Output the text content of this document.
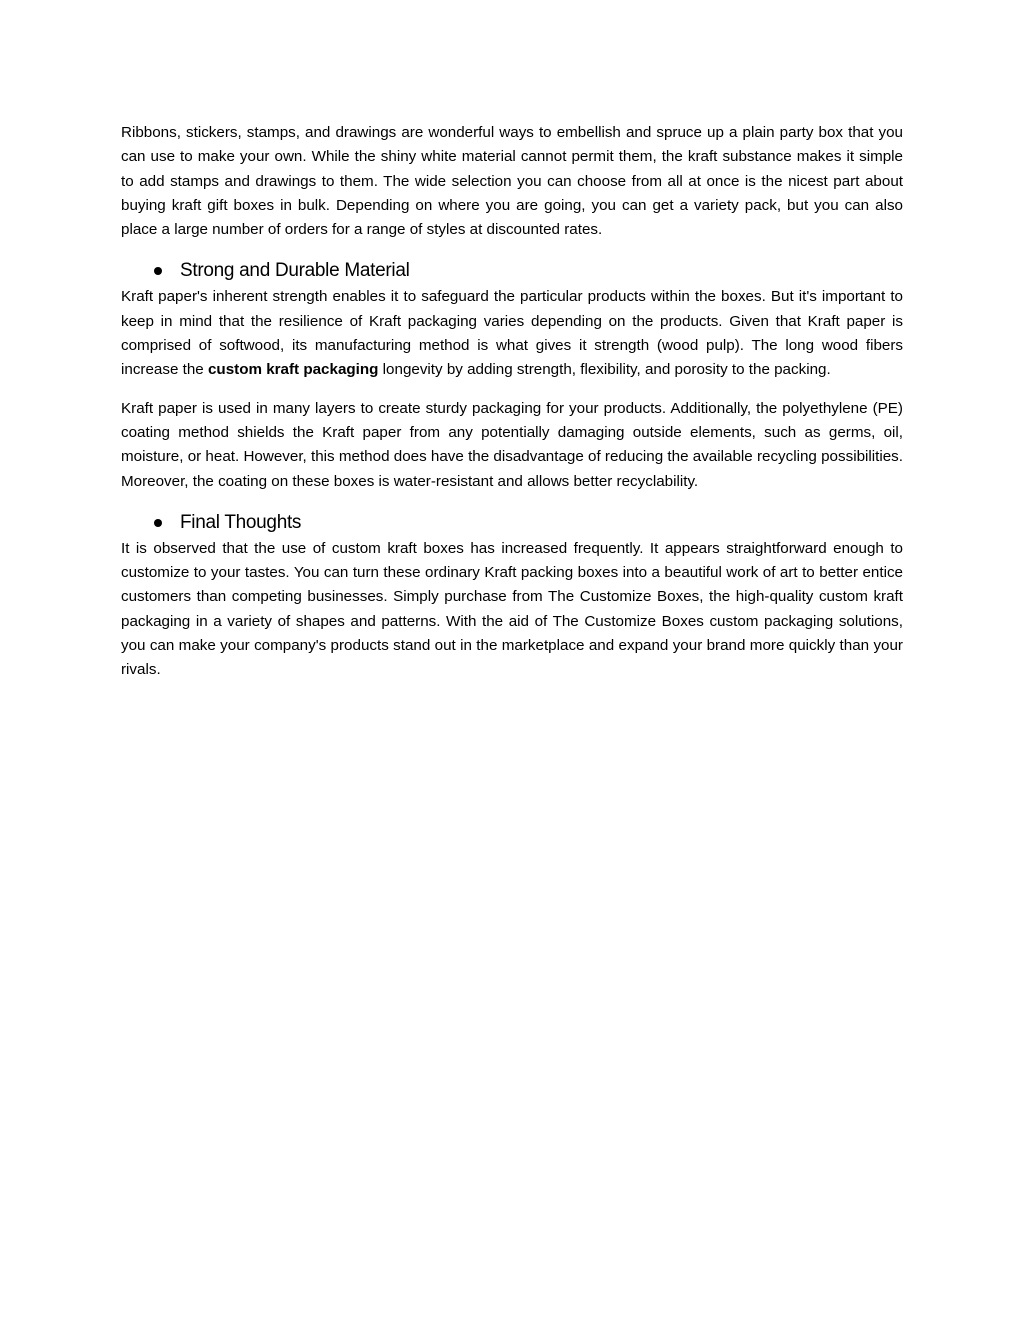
Ribbons, stickers, stamps, and drawings are wonderful ways to embellish and spruce up a plain party box that you can use to make your own. While the shiny white material cannot permit them, the kraft substance makes it simple to add stamps and drawings to them. The wide selection you can choose from all at once is the nicest part about buying kraft gift boxes in bulk. Depending on where you are going, you can get a variety pack, but you can also place a large number of orders for a range of styles at discounted rates.

Strong and Durable Material

Kraft paper's inherent strength enables it to safeguard the particular products within the boxes. But it's important to keep in mind that the resilience of Kraft packaging varies depending on the products. Given that Kraft paper is comprised of softwood, its manufacturing method is what gives it strength (wood pulp). The long wood fibers increase the custom kraft packaging longevity by adding strength, flexibility, and porosity to the packing.

Kraft paper is used in many layers to create sturdy packaging for your products. Additionally, the polyethylene (PE) coating method shields the Kraft paper from any potentially damaging outside elements, such as germs, oil, moisture, or heat. However, this method does have the disadvantage of reducing the available recycling possibilities. Moreover, the coating on these boxes is water-resistant and allows better recyclability.

Final Thoughts

It is observed that the use of custom kraft boxes has increased frequently. It appears straightforward enough to customize to your tastes. You can turn these ordinary Kraft packing boxes into a beautiful work of art to better entice customers than competing businesses. Simply purchase from The Customize Boxes, the high-quality custom kraft packaging in a variety of shapes and patterns. With the aid of The Customize Boxes custom packaging solutions, you can make your company's products stand out in the marketplace and expand your brand more quickly than your rivals.
